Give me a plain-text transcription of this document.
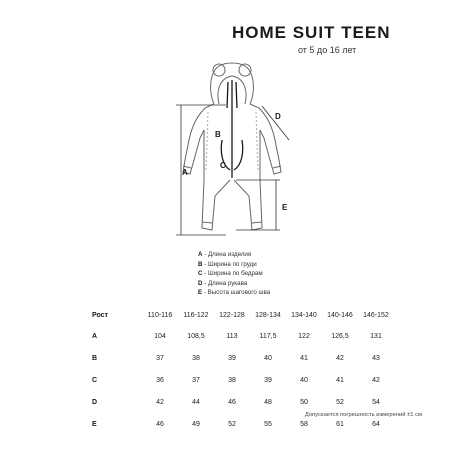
HOME SUIT TEEN
от 5 до 16 лет
A
B
C
D
E
A - Длина изделия
B - Ширина по груди
C - Ширина по бедрам
D - Длина рукава
E - Высота шагового шва
Рост	110-116	116-122	122-128	128-134	134-140	140-146	146-152
A	104	108,5	113	117,5	122	126,5	131
B	37	38	39	40	41	42	43
C	36	37	38	39	40	41	42
D	42	44	46	48	50	52	54
E	46	49	52	55	58	61	64
Допускается погрешность измерений ±1 см
